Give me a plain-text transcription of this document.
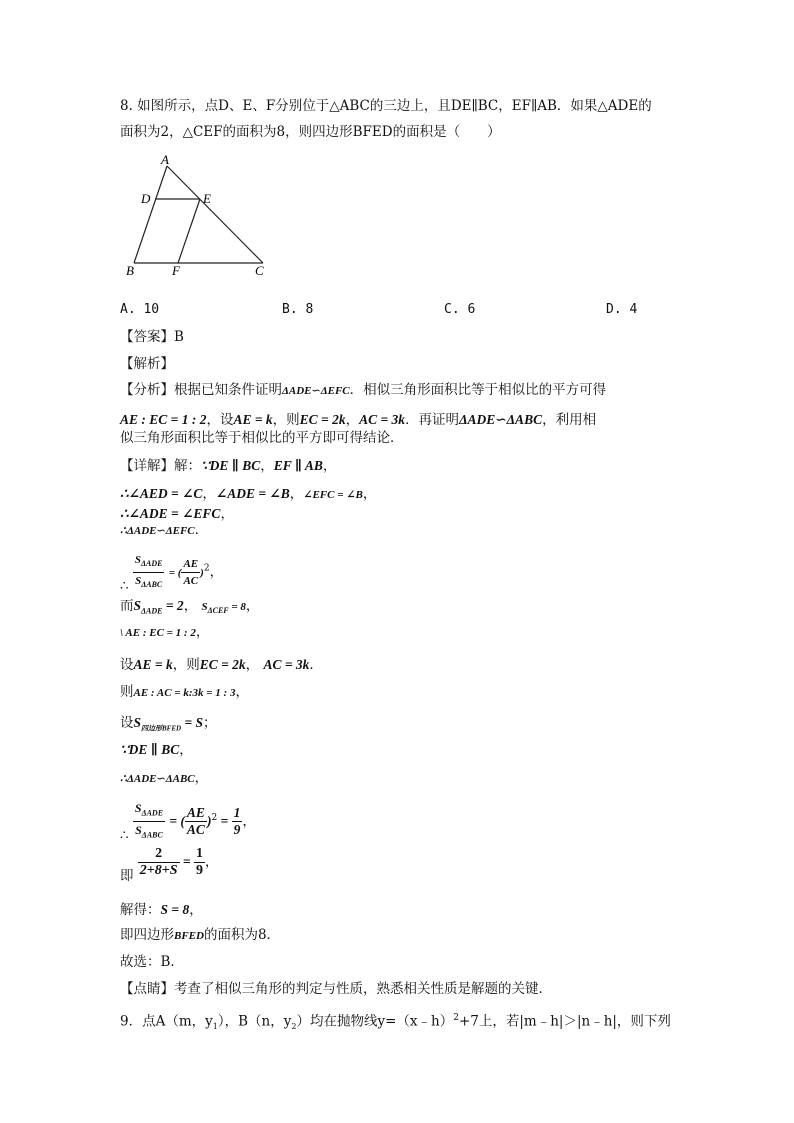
8. 如图所示，点D、E、F分别位于△ABC的三边上，且DE∥BC，EF∥AB．如果△ADE的
面积为2，△CEF的面积为8，则四边形BFED的面积是（　　）
A
D	E
B	F	C
A. 10	B. 8	C. 6	D. 4
【答案】B
【解析】
【分析】根据已知条件证明ΔADE∽ΔEFC．相似三角形面积比等于相似比的平方可得
AE : EC = 1 : 2，设AE = k，则EC = 2k，AC = 3k．再证明ΔADE∽ΔABC，利用相
似三角形面积比等于相似比的平方即可得结论．
【详解】解：∵DE ∥ BC，EF ∥ AB，
∴∠AED = ∠C，∠ADE = ∠B，∠EFC = ∠B，
∴∠ADE = ∠EFC，
∴ΔADE∽ΔEFC．
∴ $\frac{S_{\Delta ADE}}{S_{\Delta ABC}}$ = ( $\frac{AE}{AC} )^2$，
而$S_{\Delta ADE} = 2$， $S_{\Delta CEF} = 8$，
\ AE : EC = 1 : 2，
设AE = k，则EC = 2k， AC = 3k．
则AE : AC = k:3k = 1 : 3，
设$S_{四边形BFED} = S$；
∵DE ∥ BC，
∴ΔADE∽ΔABC，
∴ $\frac{S_{\Delta ADE}}{S_{\Delta ABC}}$ = ( $\frac{AE}{AC} )^2 = \frac{1}{9}$ ，
即 $\frac{2}{2+8+S} = \frac{1}{9}$ ，
解得：S = 8，
即四边形BFED的面积为8．
故选：B．
【点睛】考查了相似三角形的判定与性质，熟悉相关性质是解题的关键．
9．点A（m，$y_1$），B（n，$y_2$）均在抛物线y=（x﹣h）$^2$+7上，若|m﹣h|＞|n﹣h|，则下列
